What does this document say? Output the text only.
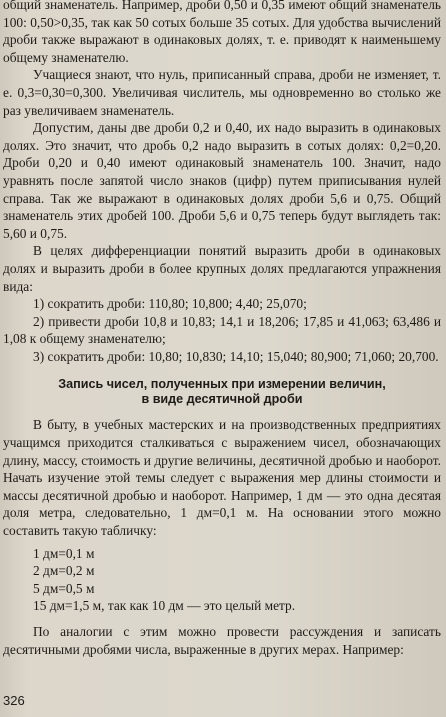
общий знаменатель. Например, дроби 0,50 и 0,35 имеют общий знаменатель 100: 0,50>0,35, так как 50 сотых больше 35 сотых. Для удобства вычислений дроби также выражают в одинаковых долях, т. е. приводят к наименьшему общему знаменателю.

Учащиеся знают, что нуль, приписанный справа, дроби не изменяет, т. е. 0,3=0,30=0,300. Увеличивая числитель, мы одновременно во столько же раз увеличиваем знаменатель.

Допустим, даны две дроби 0,2 и 0,40, их надо выразить в одинаковых долях. Это значит, что дробь 0,2 надо выразить в сотых долях: 0,2=0,20. Дроби 0,20 и 0,40 имеют одинаковый знаменатель 100. Значит, надо уравнять после запятой число знаков (цифр) путем приписывания нулей справа. Так же выражают в одинаковых долях дроби 5,6 и 0,75. Общий знаменатель этих дробей 100. Дроби 5,6 и 0,75 теперь будут выглядеть так: 5,60 и 0,75.

В целях дифференциации понятий выразить дроби в одинаковых долях и выразить дроби в более крупных долях предлагаются упражнения вида:

1) сократить дроби: 110,80; 10,800; 4,40; 25,070;

2) привести дроби 10,8 и 10,83; 14,1 и 18,206; 17,85 и 41,063; 63,486 и 1,08 к общему знаменателю;

3) сократить дроби: 10,80; 10,830; 14,10; 15,040; 80,900; 71,060; 20,700.

Запись чисел, полученных при измерении величин,
в виде десятичной дроби

В быту, в учебных мастерских и на производственных предприятиях учащимся приходится сталкиваться с выражением чисел, обозначающих длину, массу, стоимость и другие величины, десятичной дробью и наоборот. Начать изучение этой темы следует с выражения мер длины стоимости и массы десятичной дробью и наоборот. Например, 1 дм — это одна десятая доля метра, следовательно, 1 дм=0,1 м. На основании этого можно составить такую табличку:

1 дм=0,1 м

2 дм=0,2 м

5 дм=0,5 м

15 дм=1,5 м, так как 10 дм — это целый метр.

По аналогии с этим можно провести рассуждения и записать десятичными дробями числа, выраженные в других мерах. Например:

326
